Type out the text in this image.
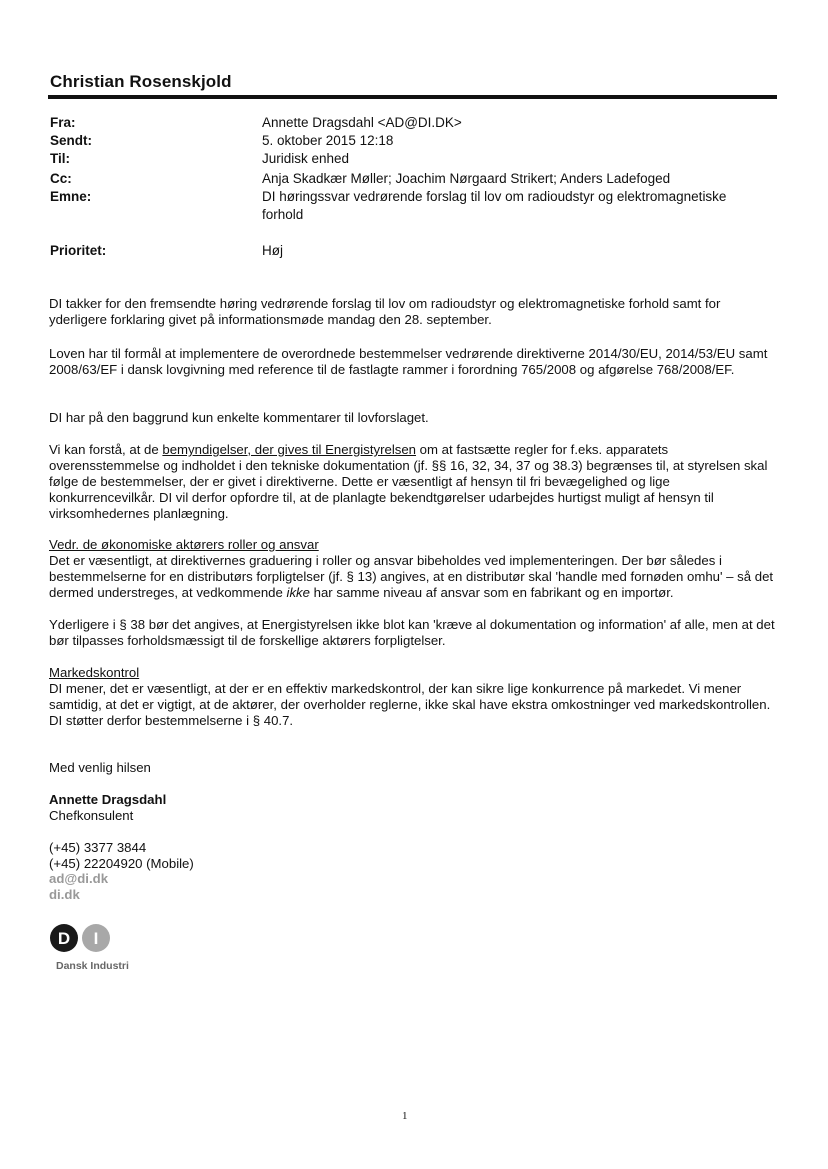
Christian Rosenskjold
Fra:	Annette Dragsdahl <AD@DI.DK>
Sendt:	5. oktober 2015 12:18
Til:	Juridisk enhed
Cc:	Anja Skadkær Møller; Joachim Nørgaard Strikert; Anders Ladefoged
Emne:	DI høringssvar vedrørende forslag til lov om radioudstyr og elektromagnetiske forhold
Prioritet:	Høj
DI takker for den fremsendte høring vedrørende forslag til lov om radioudstyr og elektromagnetiske forhold samt for yderligere forklaring givet på informationsmøde mandag den 28. september.
Loven har til formål at implementere de overordnede bestemmelser vedrørende direktiverne 2014/30/EU, 2014/53/EU samt 2008/63/EF i dansk lovgivning med reference til de fastlagte rammer i forordning 765/2008 og afgørelse 768/2008/EF.
DI har på den baggrund kun enkelte kommentarer til lovforslaget.
Vi kan forstå, at de bemyndigelser, der gives til Energistyrelsen om at fastsætte regler for f.eks. apparatets overensstemmelse og indholdet i den tekniske dokumentation (jf. §§ 16, 32, 34, 37 og 38.3) begrænses til, at styrelsen skal følge de bestemmelser, der er givet i direktiverne. Dette er væsentligt af hensyn til fri bevægelighed og lige konkurrencevilkår. DI vil derfor opfordre til, at de planlagte bekendtgørelser udarbejdes hurtigst muligt af hensyn til virksomhedernes planlægning.
Vedr. de økonomiske aktørers roller og ansvar
Det er væsentligt, at direktivernes graduering i roller og ansvar bibeholdes ved implementeringen. Der bør således i bestemmelserne for en distributørs forpligtelser (jf. § 13) angives, at en distributør skal 'handle med fornøden omhu' – så det dermed understreges, at vedkommende ikke har samme niveau af ansvar som en fabrikant og en importør.
Yderligere i § 38 bør det angives, at Energistyrelsen ikke blot kan 'kræve al dokumentation og information' af alle, men at det bør tilpasses forholdsmæssigt til de forskellige aktørers forpligtelser.
Markedskontrol
DI mener, det er væsentligt, at der er en effektiv markedskontrol, der kan sikre lige konkurrence på markedet. Vi mener samtidig, at det er vigtigt, at de aktører, der overholder reglerne, ikke skal have ekstra omkostninger ved markedskontrollen. DI støtter derfor bestemmelserne i § 40.7.
Med venlig hilsen
Annette Dragsdahl
Chefkonsulent
(+45) 3377 3844
(+45) 22204920 (Mobile)
ad@di.dk
di.dk
D I
Dansk Industri
1
